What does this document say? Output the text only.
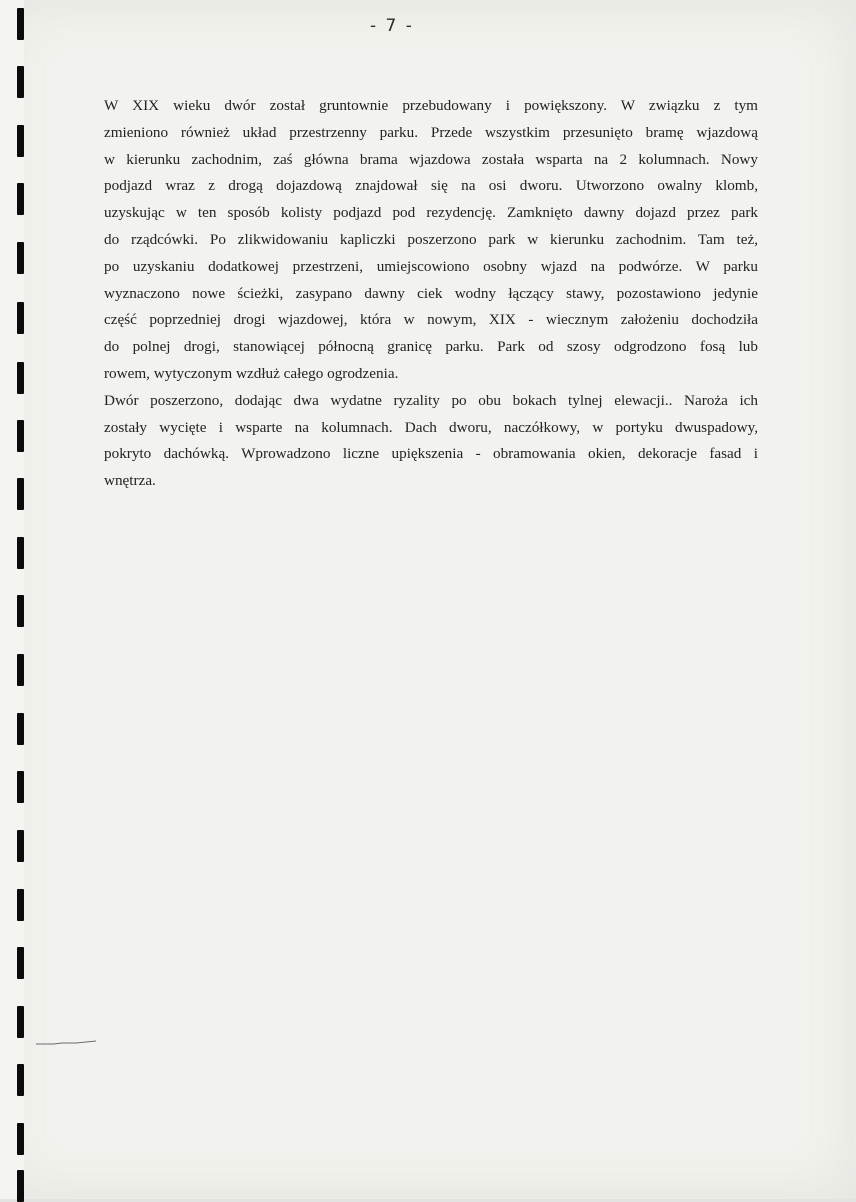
- 7 -
W XIX wieku dwór został gruntownie przebudowany i powiększony. W związku z tym
zmieniono również układ przestrzenny parku. Przede wszystkim przesunięto bramę wjazdową
w kierunku zachodnim, zaś główna brama wjazdowa została wsparta na 2 kolumnach. Nowy
podjazd wraz z drogą dojazdową znajdował się na osi dworu. Utworzono owalny klomb,
uzyskując w ten sposób kolisty podjazd pod rezydencję. Zamknięto dawny dojazd przez park
do rządcówki. Po zlikwidowaniu kapliczki poszerzono park w kierunku zachodnim. Tam też,
po uzyskaniu dodatkowej przestrzeni, umiejscowiono osobny wjazd na podwórze. W parku
wyznaczono nowe ścieżki, zasypano dawny ciek wodny łączący stawy, pozostawiono jedynie
część poprzedniej drogi wjazdowej, która w nowym, XIX - wiecznym założeniu dochodziła
do polnej drogi, stanowiącej północną granicę parku. Park od szosy odgrodzono fosą lub
rowem, wytyczonym wzdłuż całego ogrodzenia.
Dwór poszerzono, dodając dwa wydatne ryzality po obu bokach tylnej elewacji.. Naroża ich
zostały wycięte i wsparte na kolumnach. Dach dworu, naczółkowy, w portyku dwuspadowy,
pokryto dachówką. Wprowadzono liczne upiększenia - obramowania okien, dekoracje fasad i
wnętrza.
